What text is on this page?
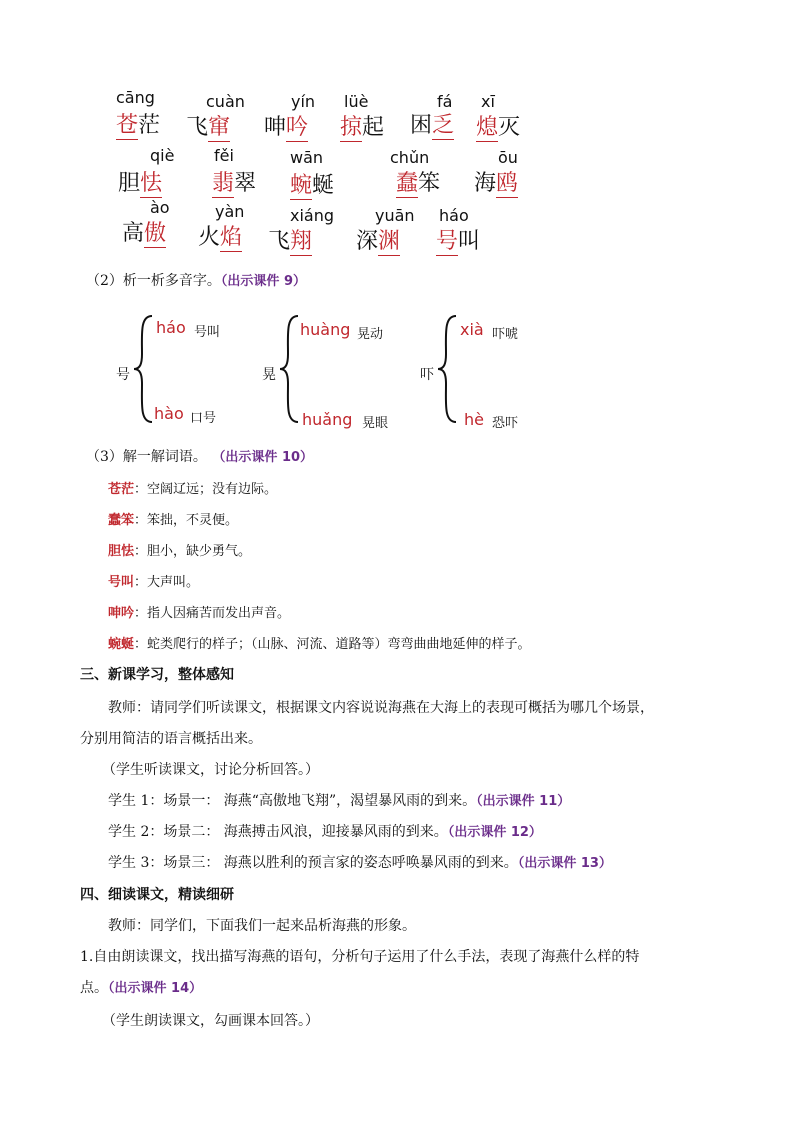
cāng
苍茫
cuàn
飞窜
yín
呻吟
lüè
掠起
fá
困乏
xī
熄灭
qiè
胆怯
fěi
翡翠
wān
蜿蜒
chǔn
蠢笨
ōu
海鸥
ào
高傲
yàn
火焰
xiáng
飞翔
yuān
深渊
háo
号叫
（2）析一析多音字。（出示课件 9）
号
háo 号叫
hào 口号
晃
huàng 晃动
huǎng 晃眼
吓
xià 吓唬
hè 恐吓
（3）解一解词语。 （出示课件 10）
苍茫：空阔辽远；没有边际。
蠢笨：笨拙，不灵便。
胆怯：胆小，缺少勇气。
号叫：大声叫。
呻吟：指人因痛苦而发出声音。
蜿蜒：蛇类爬行的样子；（山脉、河流、道路等）弯弯曲曲地延伸的样子。
三、新课学习，整体感知
教师：请同学们听读课文，根据课文内容说说海燕在大海上的表现可概括为哪几个场景，
分别用简洁的语言概括出来。
（学生听读课文，讨论分析回答。）
学生 1：场景一： 海燕“高傲地飞翔”，渴望暴风雨的到来。（出示课件 11）
学生 2：场景二： 海燕搏击风浪，迎接暴风雨的到来。（出示课件 12）
学生 3：场景三： 海燕以胜利的预言家的姿态呼唤暴风雨的到来。（出示课件 13）
四、细读课文，精读细研
教师：同学们，下面我们一起来品析海燕的形象。
1.自由朗读课文，找出描写海燕的语句，分析句子运用了什么手法，表现了海燕什么样的特
点。（出示课件 14）
（学生朗读课文，勾画课本回答。）
